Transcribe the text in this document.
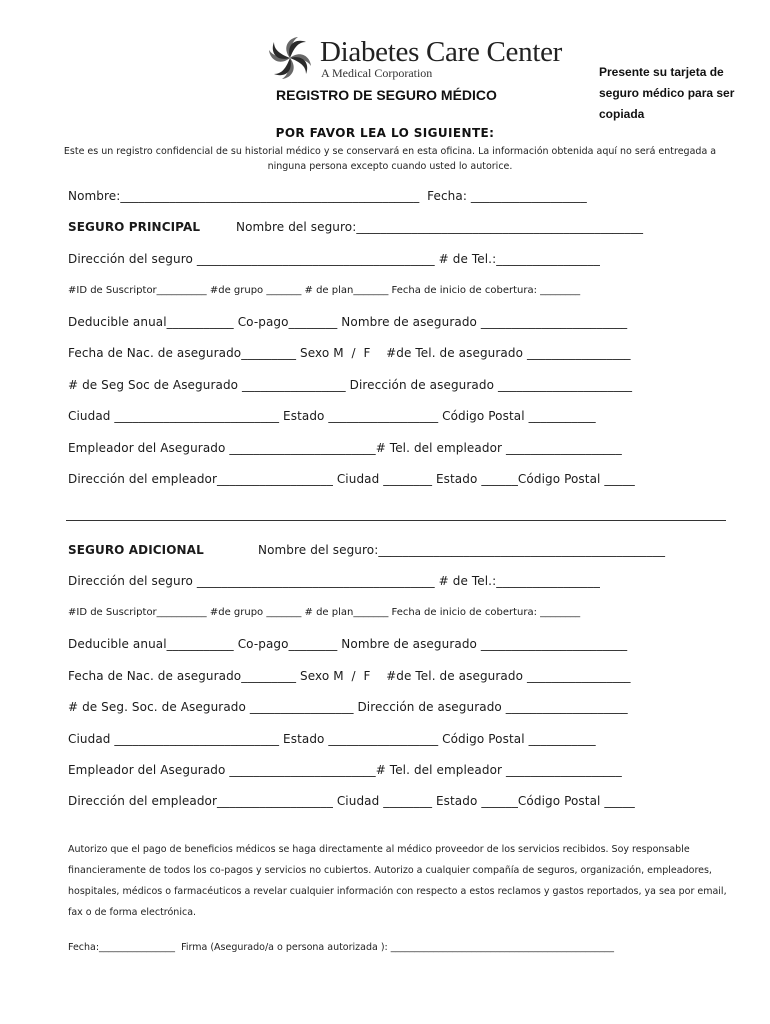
Diabetes Care Center
A Medical Corporation	Presente su tarjeta de seguro médico para ser copiada
REGISTRO DE SEGURO MÉDICO
POR FAVOR LEA LO SIGUIENTE:
Este es un registro confidencial de su historial médico y se conservará en esta oficina. La información obtenida aquí no será entregada a ninguna persona excepto cuando usted lo autorice.
Nombre:_________________________________________________  Fecha: ___________________
SEGURO PRINCIPAL	Nombre del seguro:_______________________________________________
Dirección del seguro _______________________________________ # de Tel.:_________________
#ID de Suscriptor__________ #de grupo _______ # de plan_______ Fecha de inicio de cobertura: ________
Deducible anual___________ Co-pago________ Nombre de asegurado ________________________
Fecha de Nac. de asegurado_________ Sexo M  /  F    #de Tel. de asegurado _________________
# de Seg Soc de Asegurado _________________ Dirección de asegurado ______________________
Ciudad ___________________________ Estado __________________ Código Postal ___________
Empleador del Asegurado ________________________# Tel. del empleador ___________________
Dirección del empleador___________________ Ciudad ________ Estado ______Código Postal _____
SEGURO ADICIONAL	Nombre del seguro:_______________________________________________
Dirección del seguro _______________________________________ # de Tel.:_________________
#ID de Suscriptor__________ #de grupo _______ # de plan_______ Fecha de inicio de cobertura: ________
Deducible anual___________ Co-pago________ Nombre de asegurado ________________________
Fecha de Nac. de asegurado_________ Sexo M  /  F    #de Tel. de asegurado _________________
# de Seg. Soc. de Asegurado _________________ Dirección de asegurado ____________________
Ciudad ___________________________ Estado __________________ Código Postal ___________
Empleador del Asegurado ________________________# Tel. del empleador ___________________
Dirección del empleador___________________ Ciudad ________ Estado ______Código Postal _____
Autorizo que el pago de beneficios médicos se haga directamente al médico proveedor de los servicios recibidos. Soy responsable financieramente de todos los co-pagos y servicios no cubiertos. Autorizo a cualquier compañía de seguros, organización, empleadores, hospitales, médicos o farmacéuticos a revelar cualquier información con respecto a estos reclamos y gastos reportados, ya sea por email, fax o de forma electrónica.
Fecha:________________  Firma (Asegurado/a o persona autorizada ): _______________________________________________
